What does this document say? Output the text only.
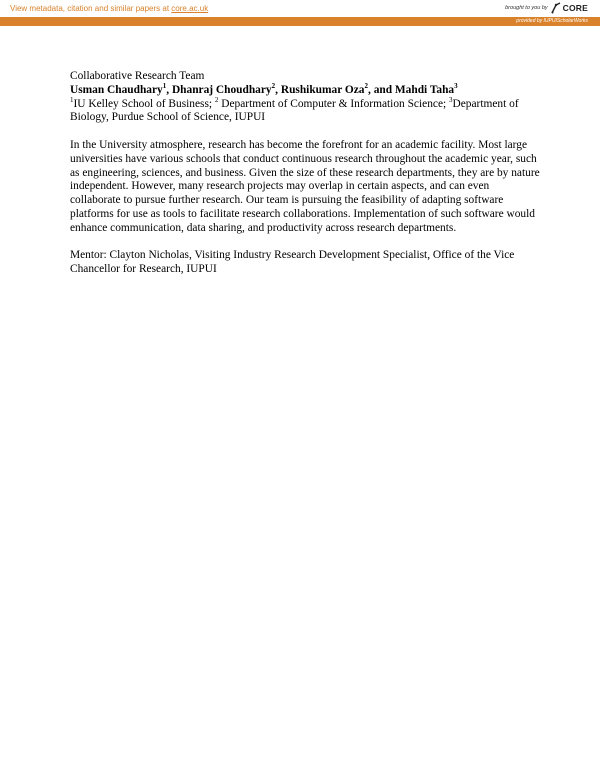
View metadata, citation and similar papers at core.ac.uk	brought to you by CORE
provided by IUPUIScholarWorks

Collaborative Research Team

Usman Chaudhary$^1$, Dhanraj Choudhary$^2$, Rushikumar Oza$^2$, and Mahdi Taha$^3$

$^1$IU Kelley School of Business; $^2$ Department of Computer & Information Science; $^3$Department of Biology, Purdue School of Science, IUPUI

In the University atmosphere, research has become the forefront for an academic facility. Most large universities have various schools that conduct continuous research throughout the academic year, such as engineering, sciences, and business. Given the size of these research departments, they are by nature independent. However, many research projects may overlap in certain aspects, and can even collaborate to pursue further research. Our team is pursuing the feasibility of adapting software platforms for use as tools to facilitate research collaborations. Implementation of such software would enhance communication, data sharing, and productivity across research departments.

Mentor: Clayton Nicholas, Visiting Industry Research Development Specialist, Office of the Vice Chancellor for Research, IUPUI
